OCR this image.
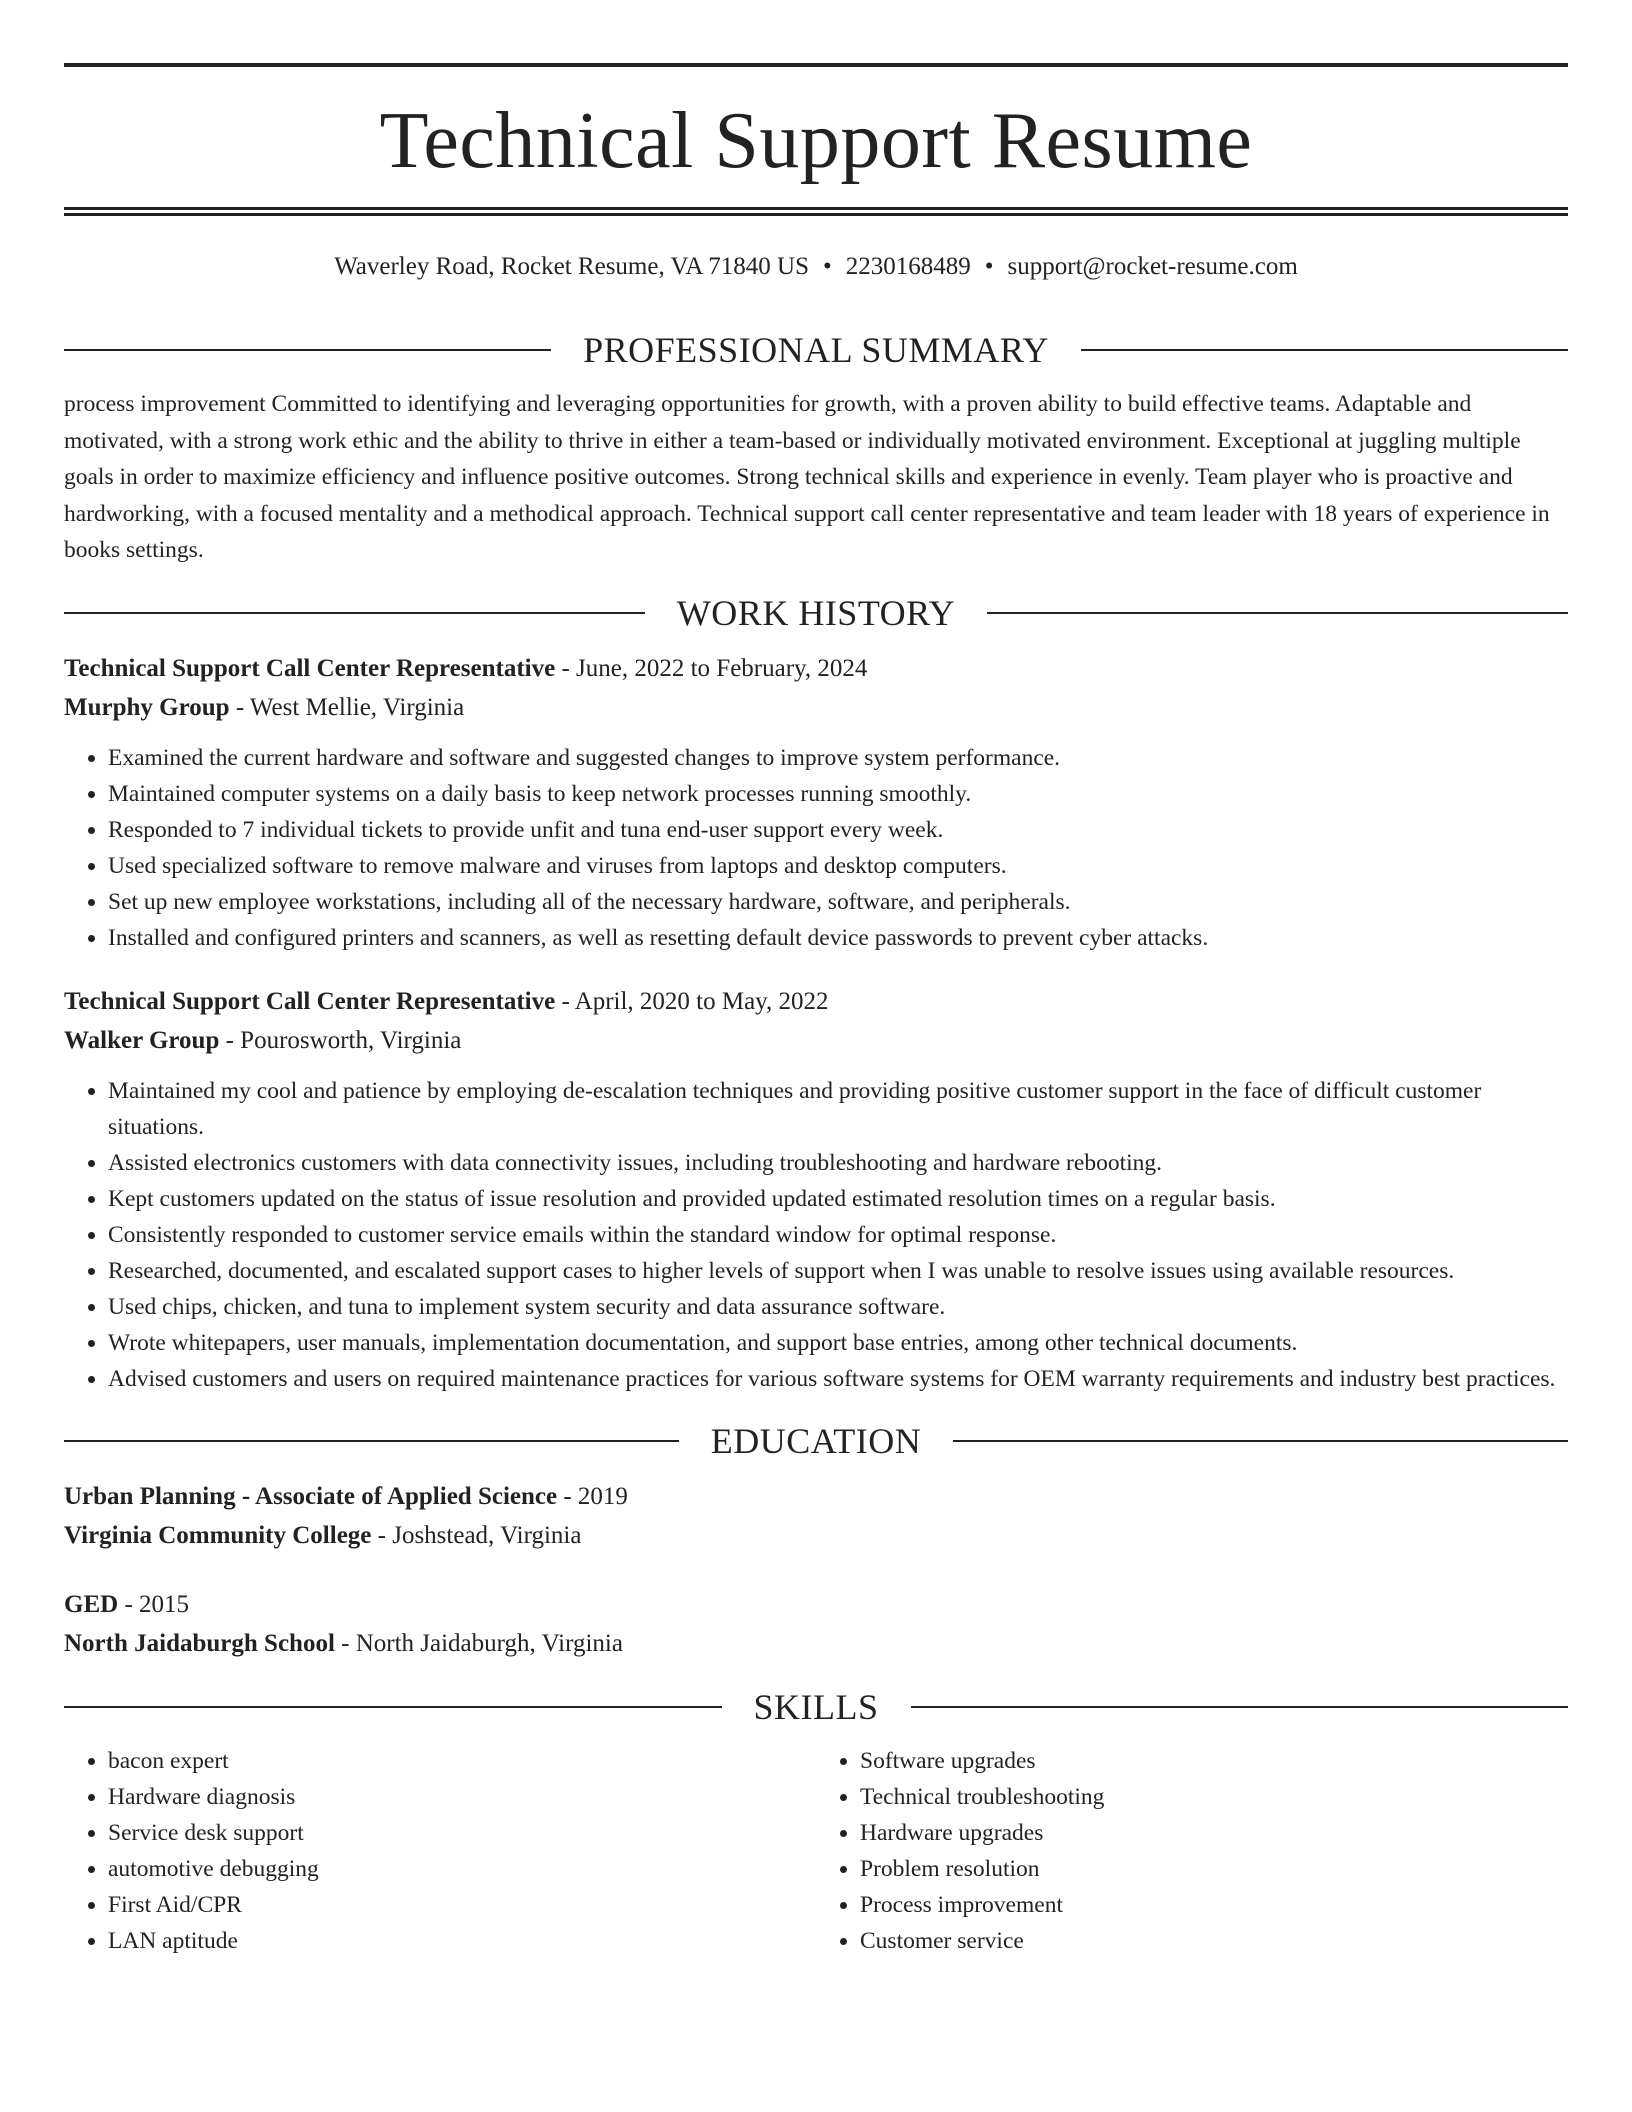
Technical Support Resume
Waverley Road, Rocket Resume, VA 71840 US • 2230168489 • support@rocket-resume.com
PROFESSIONAL SUMMARY

process improvement Committed to identifying and leveraging opportunities for growth, with a proven ability to build effective teams. Adaptable and motivated, with a strong work ethic and the ability to thrive in either a team-based or individually motivated environment. Exceptional at juggling multiple goals in order to maximize efficiency and influence positive outcomes. Strong technical skills and experience in evenly. Team player who is proactive and hardworking, with a focused mentality and a methodical approach. Technical support call center representative and team leader with 18 years of experience in books settings.

WORK HISTORY
Technical Support Call Center Representative - June, 2022 to February, 2024
Murphy Group - West Mellie, Virginia
• Examined the current hardware and software and suggested changes to improve system performance.
• Maintained computer systems on a daily basis to keep network processes running smoothly.
• Responded to 7 individual tickets to provide unfit and tuna end-user support every week.
• Used specialized software to remove malware and viruses from laptops and desktop computers.
• Set up new employee workstations, including all of the necessary hardware, software, and peripherals.
• Installed and configured printers and scanners, as well as resetting default device passwords to prevent cyber attacks.
Technical Support Call Center Representative - April, 2020 to May, 2022
Walker Group - Pourosworth, Virginia
• Maintained my cool and patience by employing de-escalation techniques and providing positive customer support in the face of difficult customer situations.
• Assisted electronics customers with data connectivity issues, including troubleshooting and hardware rebooting.
• Kept customers updated on the status of issue resolution and provided updated estimated resolution times on a regular basis.
• Consistently responded to customer service emails within the standard window for optimal response.
• Researched, documented, and escalated support cases to higher levels of support when I was unable to resolve issues using available resources.
• Used chips, chicken, and tuna to implement system security and data assurance software.
• Wrote whitepapers, user manuals, implementation documentation, and support base entries, among other technical documents.
• Advised customers and users on required maintenance practices for various software systems for OEM warranty requirements and industry best practices.
EDUCATION
Urban Planning - Associate of Applied Science - 2019
Virginia Community College - Joshstead, Virginia
GED - 2015
North Jaidaburgh School - North Jaidaburgh, Virginia
SKILLS
• bacon expert
• Hardware diagnosis
• Service desk support
• automotive debugging
• First Aid/CPR
• LAN aptitude
• Software upgrades
• Technical troubleshooting
• Hardware upgrades
• Problem resolution
• Process improvement
• Customer service
